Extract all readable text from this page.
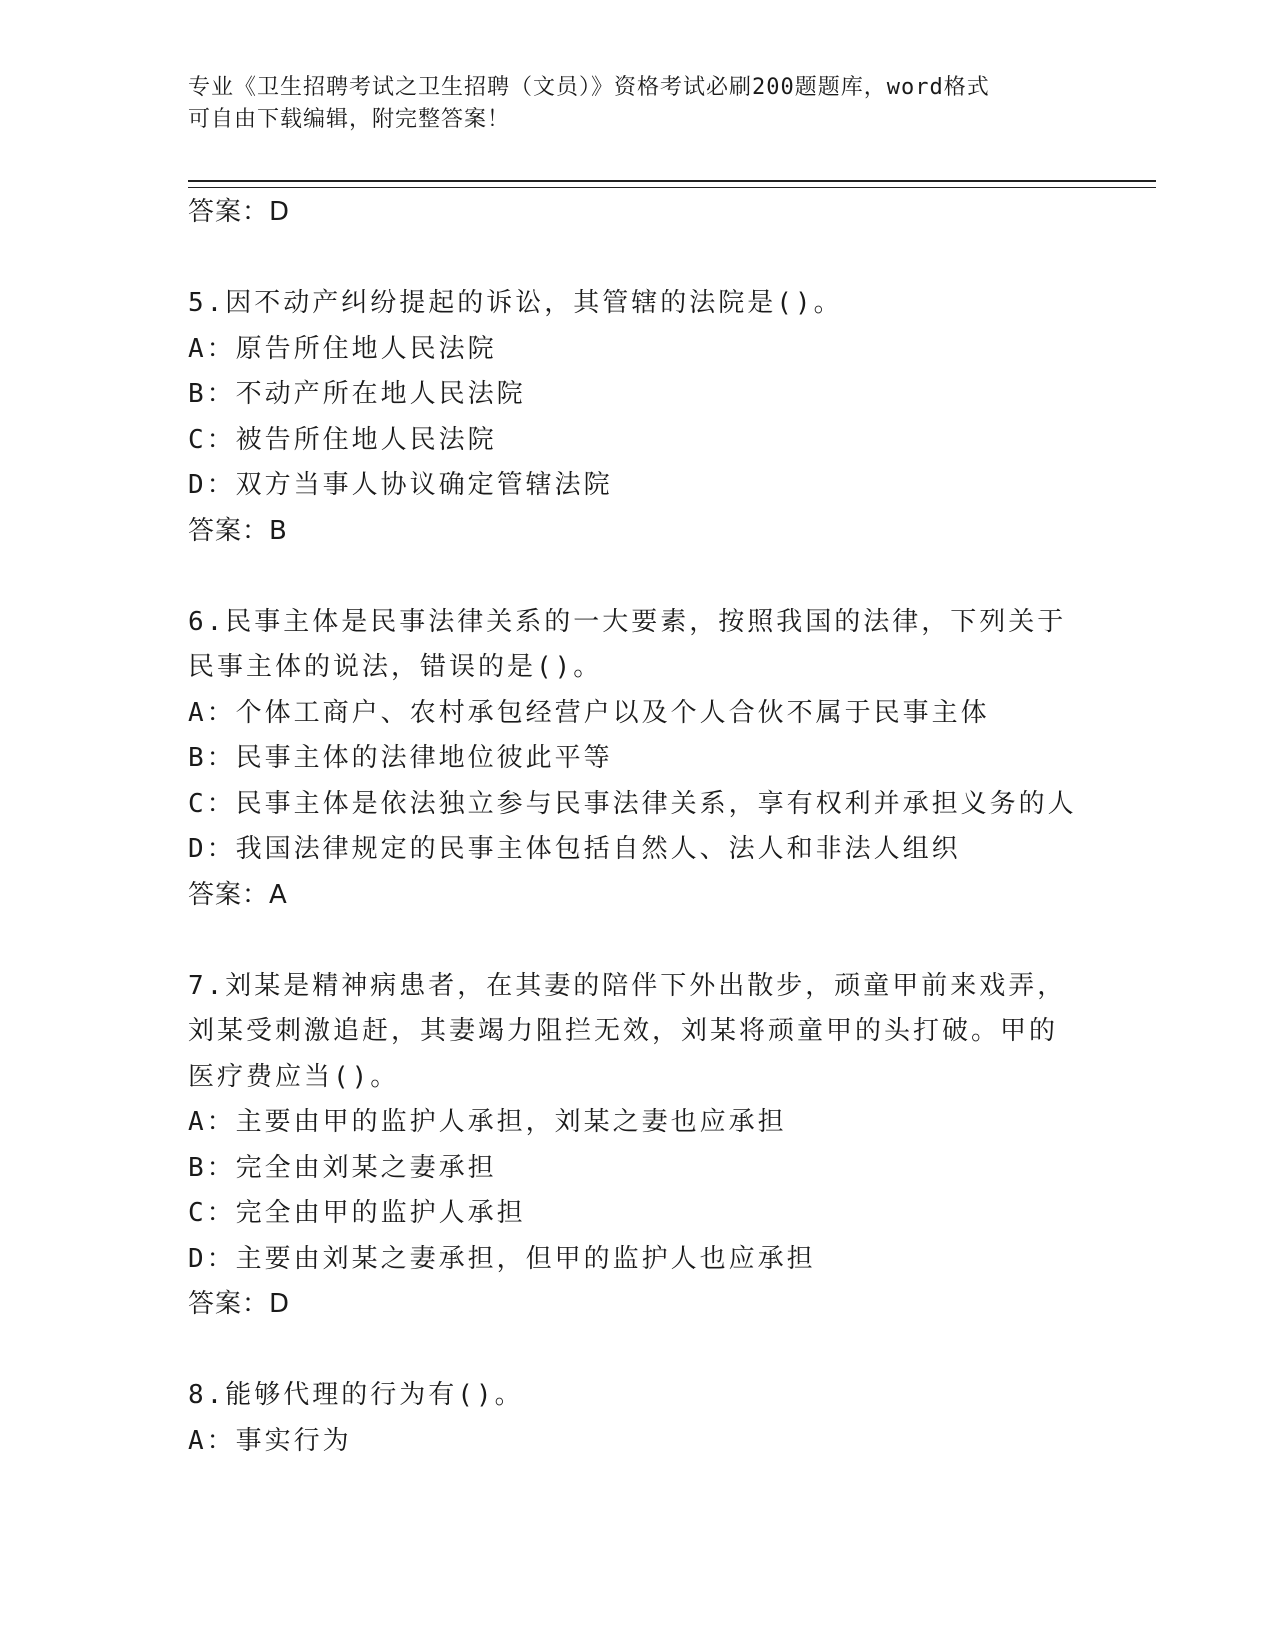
专业《卫生招聘考试之卫生招聘（文员）》资格考试必刷200题题库，word格式
可自由下载编辑，附完整答案！
答案：D
5.因不动产纠纷提起的诉讼，其管辖的法院是()。
A：原告所住地人民法院
B：不动产所在地人民法院
C：被告所住地人民法院
D：双方当事人协议确定管辖法院
答案：B
6.民事主体是民事法律关系的一大要素，按照我国的法律，下列关于
民事主体的说法，错误的是()。
A：个体工商户、农村承包经营户以及个人合伙不属于民事主体
B：民事主体的法律地位彼此平等
C：民事主体是依法独立参与民事法律关系，享有权利并承担义务的人
D：我国法律规定的民事主体包括自然人、法人和非法人组织
答案：A
7.刘某是精神病患者，在其妻的陪伴下外出散步，顽童甲前来戏弄，
刘某受刺激追赶，其妻竭力阻拦无效，刘某将顽童甲的头打破。甲的
医疗费应当()。
A：主要由甲的监护人承担，刘某之妻也应承担
B：完全由刘某之妻承担
C：完全由甲的监护人承担
D：主要由刘某之妻承担，但甲的监护人也应承担
答案：D
8.能够代理的行为有()。
A：事实行为
